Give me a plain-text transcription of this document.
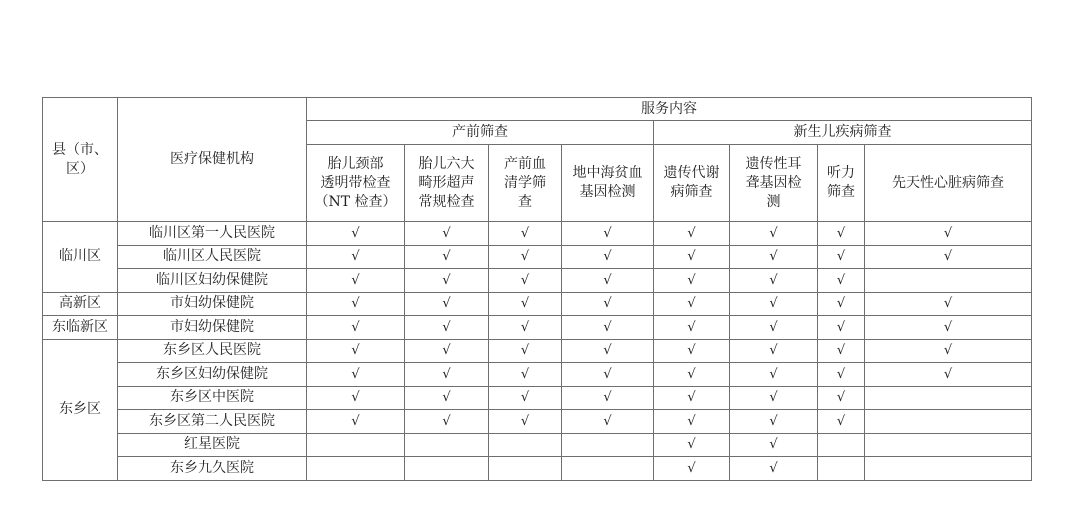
县（市、
区）	医疗保健机构	服务内容							
		产前筛查				新生儿疾病筛查			

		胎儿颈部
透明带检查
（NT 检查）	胎儿六大
畸形超声
常规检查	产前血
清学筛
查	地中海贫血
基因检测	遗传代谢
病筛查	遗传性耳
聋基因检
测	听力
筛查	先天性心脏病筛查

临川区	临川区第一人民医院	√	√	√	√	√	√	√	√
	临川区人民医院	√	√	√	√	√	√	√	√
	临川区妇幼保健院	√	√	√	√	√	√	√	
高新区	市妇幼保健院	√	√	√	√	√	√	√	√
东临新区	市妇幼保健院	√	√	√	√	√	√	√	√
东乡区	东乡区人民医院	√	√	√	√	√	√	√	√
	东乡区妇幼保健院	√	√	√	√	√	√	√	√
	东乡区中医院	√	√	√	√	√	√	√	
	东乡区第二人民医院	√	√	√	√	√	√	√	
	红星医院					√	√		
	东乡九久医院					√	√		
